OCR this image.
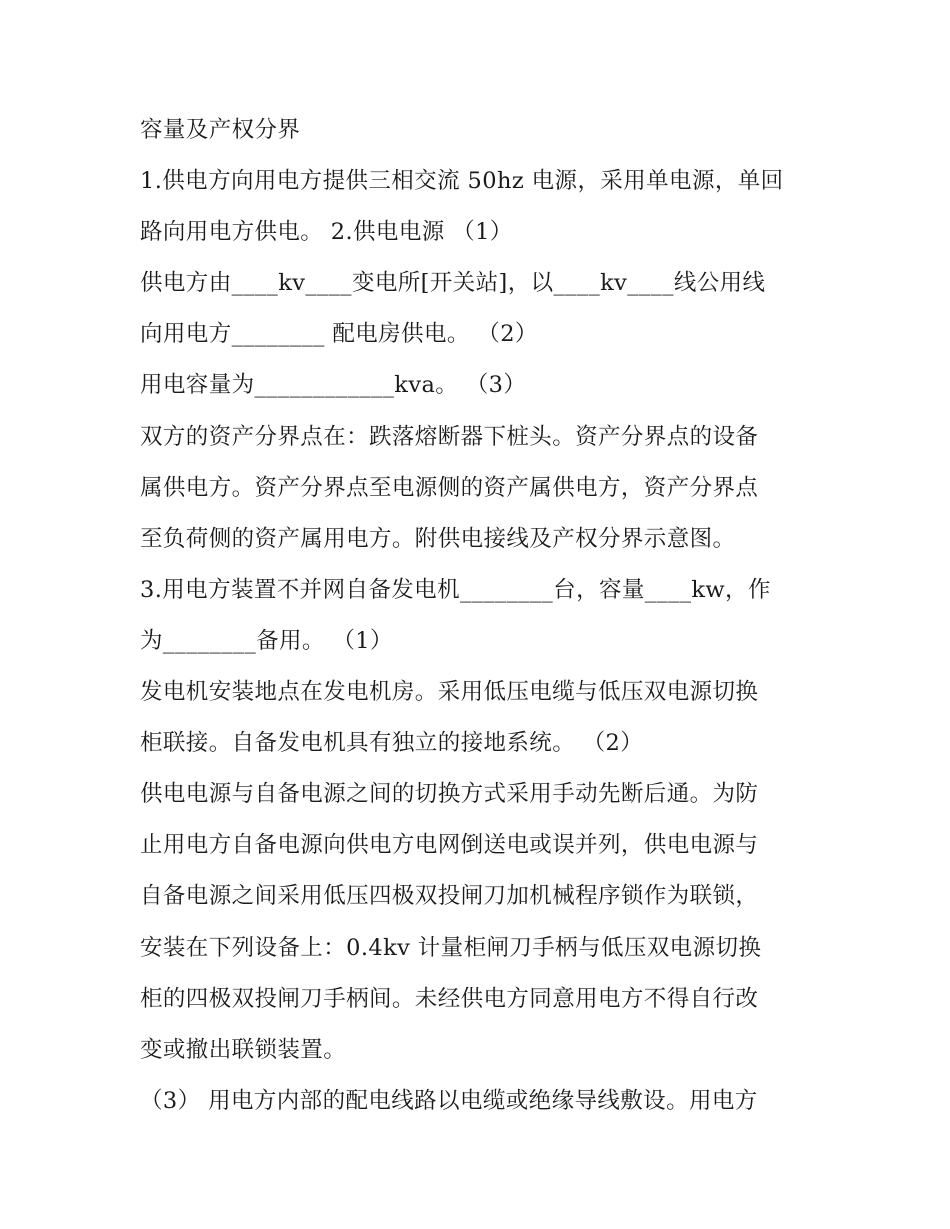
容量及产权分界
1.供电方向用电方提供三相交流 50hz 电源，采用单电源，单回
路向用电方供电。 2.供电电源 （1）
供电方由____kv____变电所[开关站]，以____kv____线公用线
向用电方________ 配电房供电。 （2）
用电容量为____________kva。 （3）
双方的资产分界点在：跌落熔断器下桩头。资产分界点的设备
属供电方。资产分界点至电源侧的资产属供电方，资产分界点
至负荷侧的资产属用电方。附供电接线及产权分界示意图。
3.用电方装置不并网自备发电机________台，容量____kw，作
为________备用。 （1）
发电机安装地点在发电机房。采用低压电缆与低压双电源切换
柜联接。自备发电机具有独立的接地系统。 （2）
供电电源与自备电源之间的切换方式采用手动先断后通。为防
止用电方自备电源向供电方电网倒送电或误并列，供电电源与
自备电源之间采用低压四极双投闸刀加机械程序锁作为联锁，
安装在下列设备上：0.4kv 计量柜闸刀手柄与低压双电源切换
柜的四极双投闸刀手柄间。未经供电方同意用电方不得自行改
变或撤出联锁装置。
（3） 用电方内部的配电线路以电缆或绝缘导线敷设。用电方
